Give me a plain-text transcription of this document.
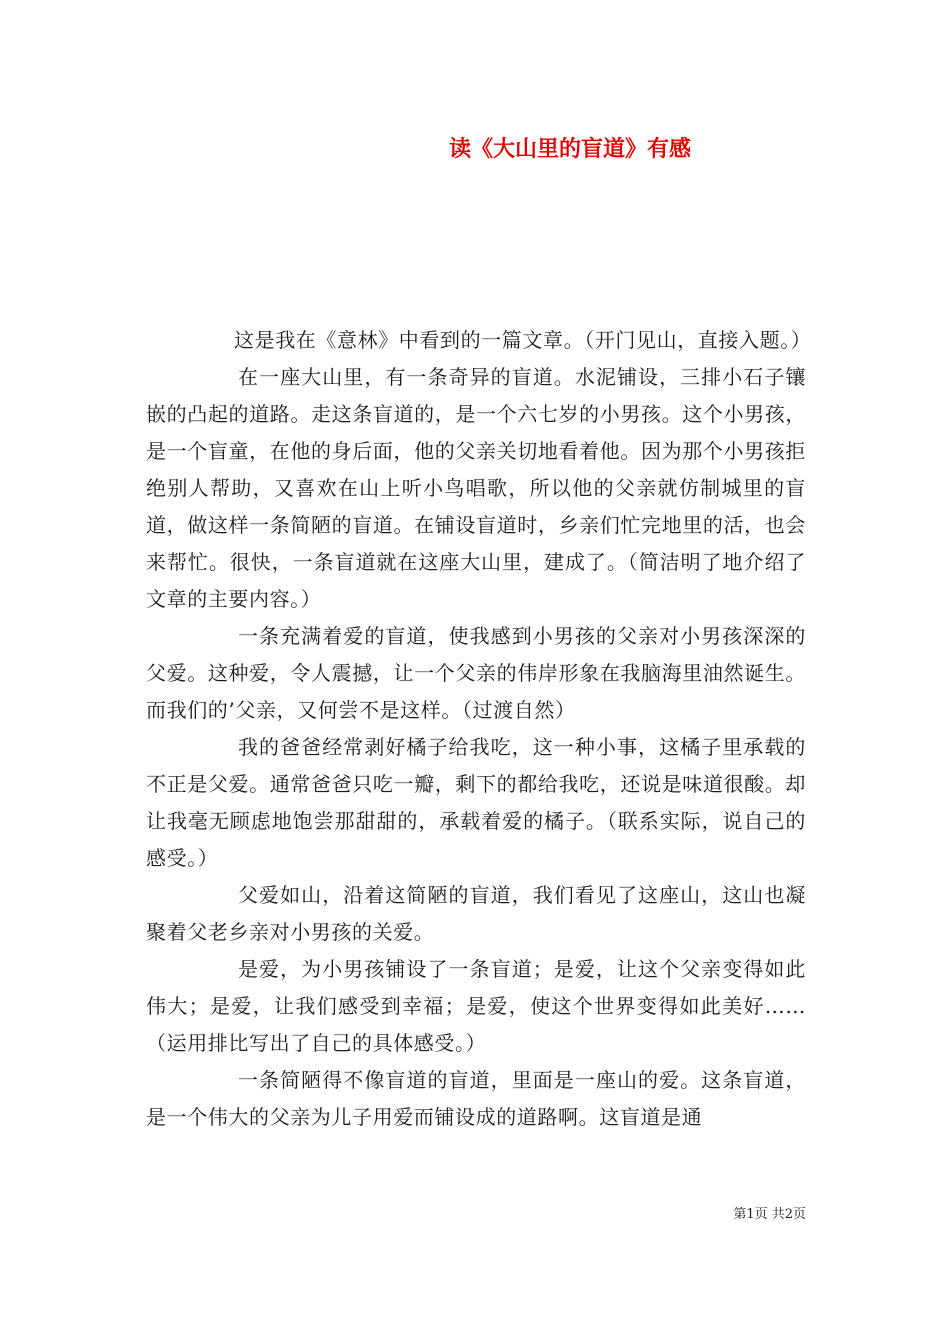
读《大山里的盲道》有感

这是我在《意林》中看到的一篇文章。（开门见山，直接入题。）

在一座大山里，有一条奇异的盲道。水泥铺设，三排小石子镶嵌的凸起的道路。走这条盲道的，是一个六七岁的小男孩。这个小男孩，是一个盲童，在他的身后面，他的父亲关切地看着他。因为那个小男孩拒绝别人帮助，又喜欢在山上听小鸟唱歌，所以他的父亲就仿制城里的盲道，做这样一条简陋的盲道。在铺设盲道时，乡亲们忙完地里的活，也会来帮忙。很快，一条盲道就在这座大山里，建成了。（简洁明了地介绍了文章的主要内容。）

一条充满着爱的盲道，使我感到小男孩的父亲对小男孩深深的父爱。这种爱，令人震撼，让一个父亲的伟岸形象在我脑海里油然诞生。而我们的’父亲，又何尝不是这样。（过渡自然）

我的爸爸经常剥好橘子给我吃，这一种小事，这橘子里承载的不正是父爱。通常爸爸只吃一瓣，剩下的都给我吃，还说是味道很酸。却让我毫无顾虑地饱尝那甜甜的，承载着爱的橘子。（联系实际，说自己的感受。）

父爱如山，沿着这简陋的盲道，我们看见了这座山，这山也凝聚着父老乡亲对小男孩的关爱。

是爱，为小男孩铺设了一条盲道；是爱，让这个父亲变得如此伟大；是爱，让我们感受到幸福；是爱，使这个世界变得如此美好……（运用排比写出了自己的具体感受。）

一条简陋得不像盲道的盲道，里面是一座山的爱。这条盲道，是一个伟大的父亲为儿子用爱而铺设成的道路啊。这盲道是通

第1页 共2页
